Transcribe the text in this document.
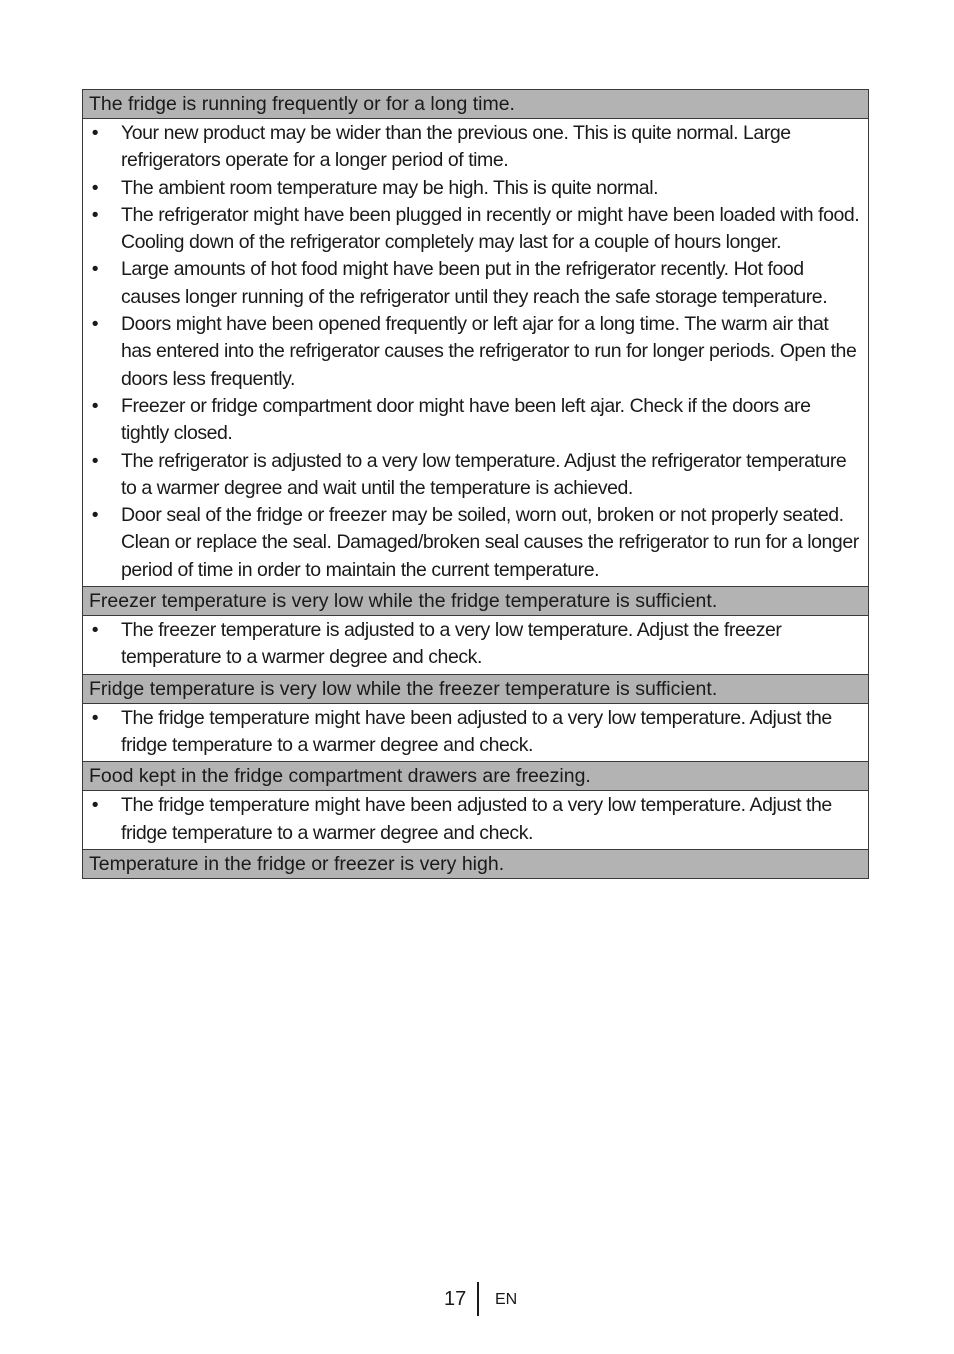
The fridge is running frequently or for a long time.
• Your new product may be wider than the previous one. This is quite normal. Large refrigerators operate for a longer period of time.
• The ambient room temperature may be high. This is quite normal.
• The refrigerator might have been plugged in recently or might have been loaded with food. Cooling down of the refrigerator completely may last for a couple of hours longer.
• Large amounts of hot food might have been put in the refrigerator recently. Hot food causes longer running of the refrigerator until they reach the safe storage temperature.
• Doors might have been opened frequently or left ajar for a long time. The warm air that has entered into the refrigerator causes the refrigerator to run for longer periods. Open the doors less frequently.
• Freezer or fridge compartment door might have been left ajar. Check if the doors are tightly closed.
• The refrigerator is adjusted to a very low temperature. Adjust the refrigerator temperature to a warmer degree and wait until the temperature is achieved.
• Door seal of the fridge or freezer may be soiled, worn out, broken or not properly seated. Clean or replace the seal. Damaged/broken seal causes the refrigerator to run for a longer period of time in order to maintain the current temperature.
Freezer temperature is very low while the fridge temperature is sufficient.
• The freezer temperature is adjusted to a very low temperature. Adjust the freezer temperature to a warmer degree and check.
Fridge temperature is very low while the freezer temperature is sufficient.
• The fridge temperature might have been adjusted to a very low temperature. Adjust the fridge temperature to a warmer degree and check.
Food kept in the fridge compartment drawers are freezing.
• The fridge temperature might have been adjusted to a very low temperature. Adjust the fridge temperature to a warmer degree and check.
Temperature in the fridge or freezer is very high.
17 EN
